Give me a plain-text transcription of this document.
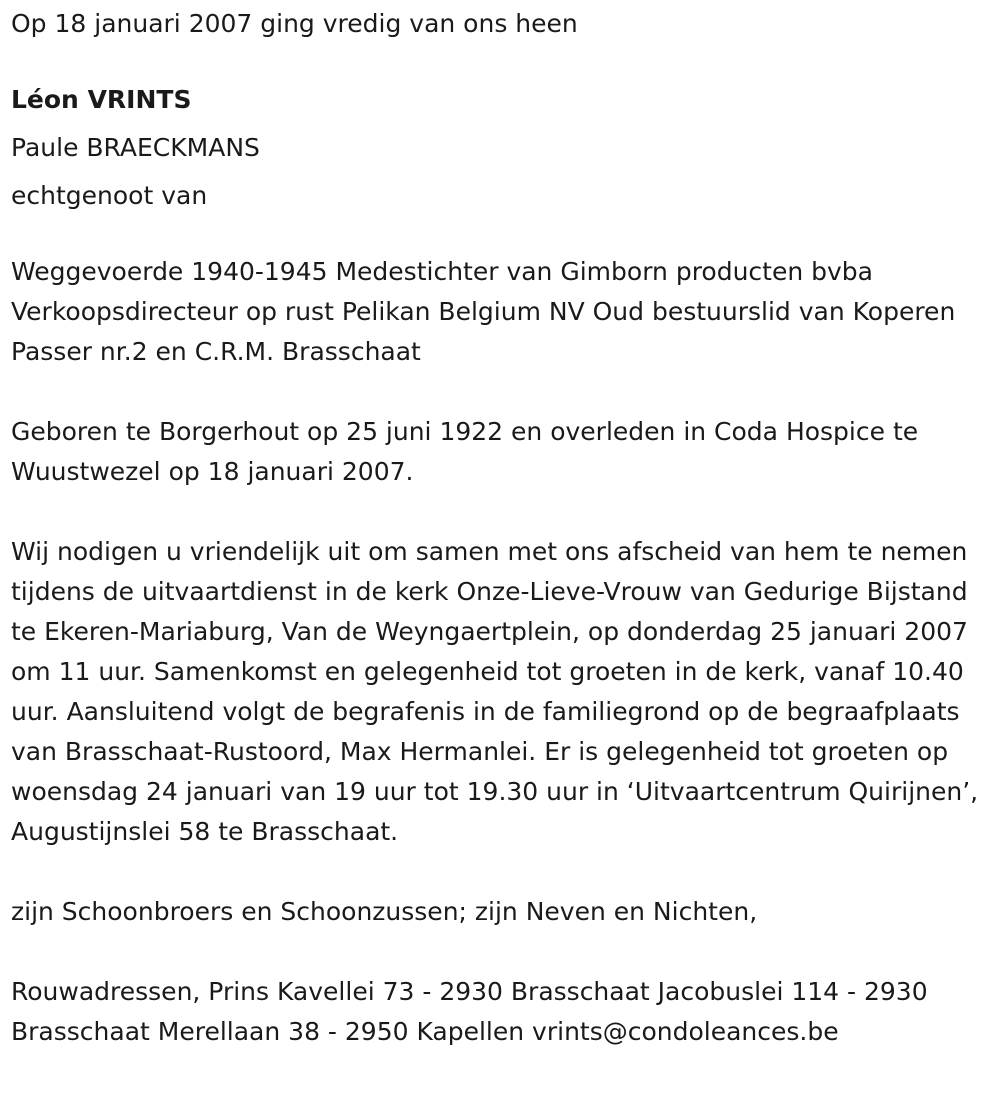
Op 18 januari 2007 ging vredig van ons heen

Léon VRINTS

Paule BRAECKMANS

echtgenoot van

Weggevoerde 1940-1945 Medestichter van Gimborn producten bvba Verkoopsdirecteur op rust Pelikan Belgium NV Oud bestuurslid van Koperen Passer nr.2 en C.R.M. Brasschaat

Geboren te Borgerhout op 25 juni 1922 en overleden in Coda Hospice te Wuustwezel op 18 januari 2007.

Wij nodigen u vriendelijk uit om samen met ons afscheid van hem te nemen tijdens de uitvaartdienst in de kerk Onze-Lieve-Vrouw van Gedurige Bijstand te Ekeren-Mariaburg, Van de Weyngaertplein, op donderdag 25 januari 2007 om 11 uur. Samenkomst en gelegenheid tot groeten in de kerk, vanaf 10.40 uur. Aansluitend volgt de begrafenis in de familiegrond op de begraafplaats van Brasschaat-Rustoord, Max Hermanlei. Er is gelegenheid tot groeten op woensdag 24 januari van 19 uur tot 19.30 uur in ‘Uitvaartcentrum Quirijnen’, Augustijnslei 58 te Brasschaat.

zijn Schoonbroers en Schoonzussen; zijn Neven en Nichten,

Rouwadressen, Prins Kavellei 73 - 2930 Brasschaat Jacobuslei 114 - 2930 Brasschaat Merellaan 38 - 2950 Kapellen vrints@condoleances.be
